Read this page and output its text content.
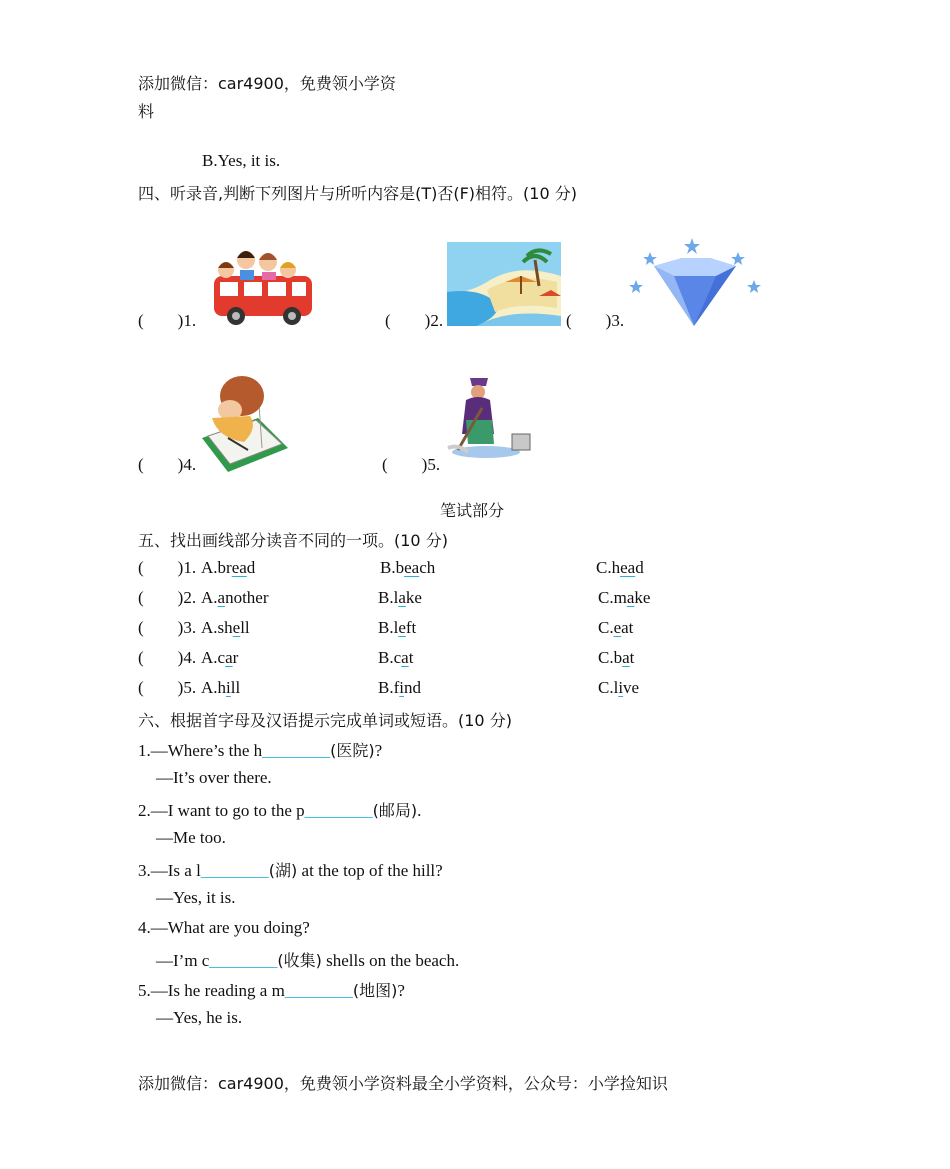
添加微信：car4900，免费领小学资
料
B.Yes, it is.
四、听录音,判断下列图片与所听内容是(T)否(F)相符。(10 分)
(        )1.	(        )2.	(        )3.
(        )4.	(        )5.
笔试部分
五、找出画线部分读音不同的一项。(10 分)
(        )1. A.bread	B.beach	C.head
(        )2. A.another	B.lake	C.make
(        )3. A.shell	B.left	C.eat
(        )4. A.car	B.cat	C.bat
(        )5. A.hill	B.find	C.live
六、根据首字母及汉语提示完成单词或短语。(10 分)
1.—Where’s the h________(医院)?
—It’s over there.
2.—I want to go to the p________(邮局).
—Me too.
3.—Is a l________(湖) at the top of the hill?
—Yes, it is.
4.—What are you doing?
—I’m c________(收集) shells on the beach.
5.—Is he reading a m________(地图)?
—Yes, he is.
添加微信：car4900，免费领小学资料最全小学资料，公众号：小学捡知识
